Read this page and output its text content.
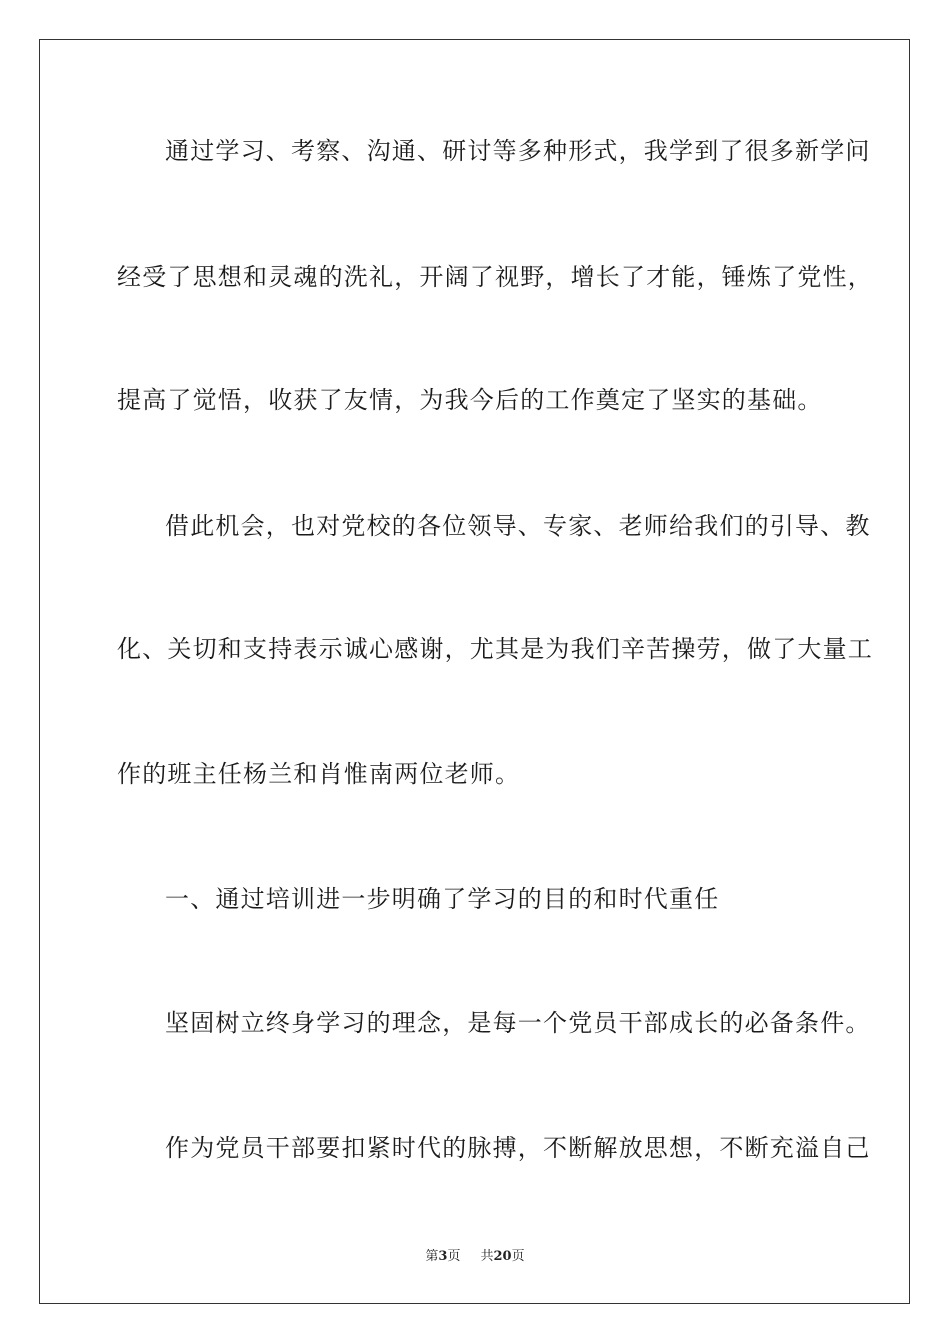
通过学习、考察、沟通、研讨等多种形式，我学到了很多新学问
经受了思想和灵魂的洗礼，开阔了视野，增长了才能，锤炼了党性，
提高了觉悟，收获了友情，为我今后的工作奠定了坚实的基础。
借此机会，也对党校的各位领导、专家、老师给我们的引导、教
化、关切和支持表示诚心感谢，尤其是为我们辛苦操劳，做了大量工
作的班主任杨兰和肖惟南两位老师。
一、通过培训进一步明确了学习的目的和时代重任
坚固树立终身学习的理念，是每一个党员干部成长的必备条件。
作为党员干部要扣紧时代的脉搏，不断解放思想，不断充溢自己
第3页 共20页
